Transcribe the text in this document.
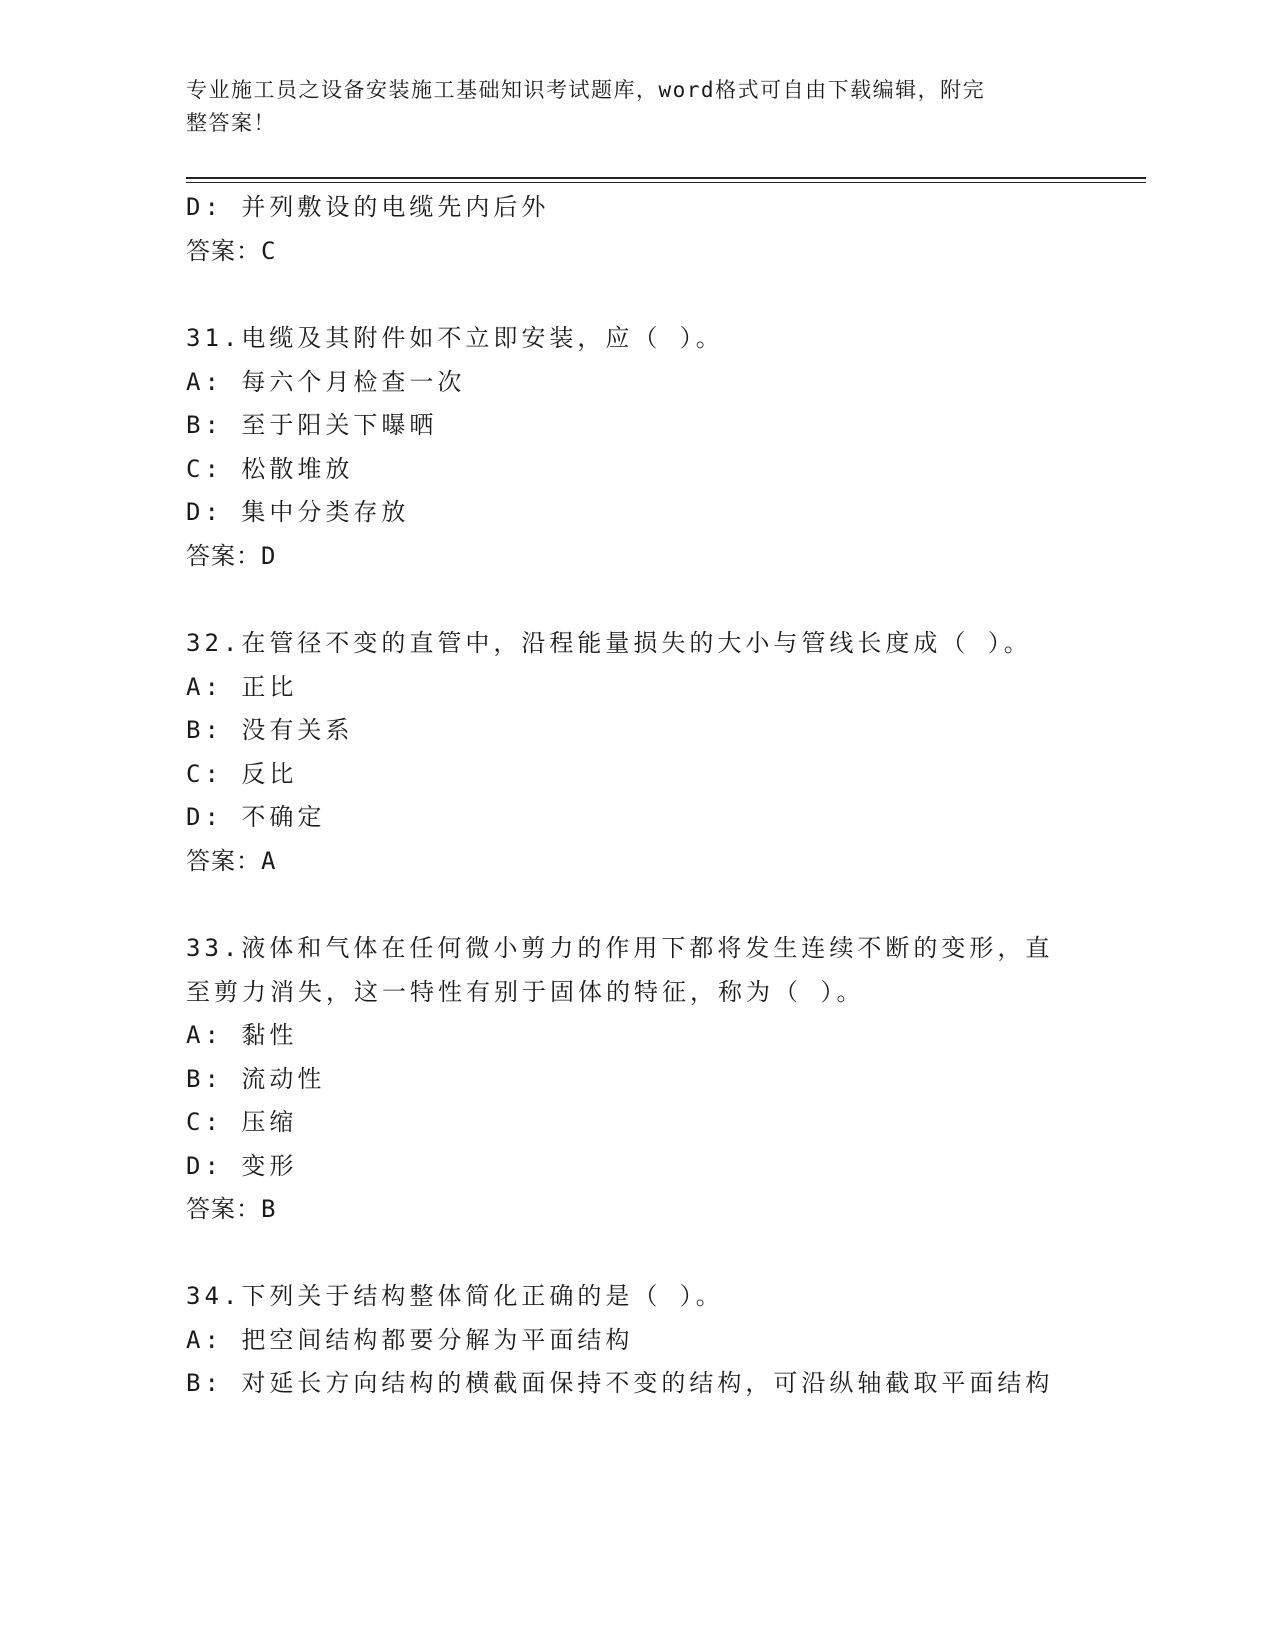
专业施工员之设备安装施工基础知识考试题库，word格式可自由下载编辑，附完
整答案！
D: 并列敷设的电缆先内后外
答案：C
31.电缆及其附件如不立即安装，应（ ）。
A: 每六个月检查一次
B: 至于阳关下曝晒
C: 松散堆放
D: 集中分类存放
答案：D
32.在管径不变的直管中，沿程能量损失的大小与管线长度成（ ）。
A: 正比
B: 没有关系
C: 反比
D: 不确定
答案：A
33.液体和气体在任何微小剪力的作用下都将发生连续不断的变形，直
至剪力消失，这一特性有别于固体的特征，称为（ ）。
A: 黏性
B: 流动性
C: 压缩
D: 变形
答案：B
34.下列关于结构整体简化正确的是（ ）。
A: 把空间结构都要分解为平面结构
B: 对延长方向结构的横截面保持不变的结构，可沿纵轴截取平面结构
